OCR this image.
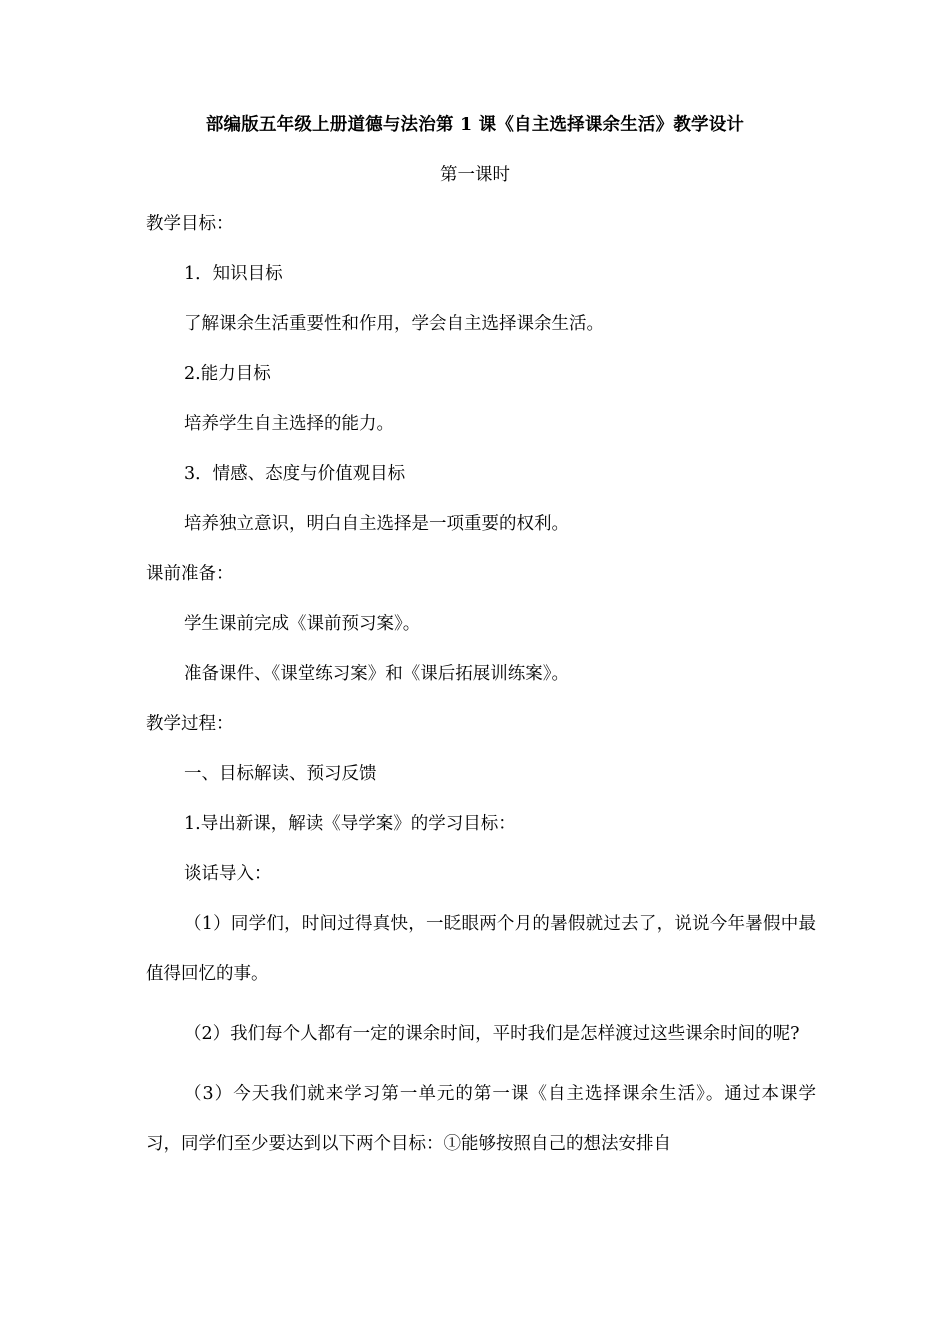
部编版五年级上册道德与法治第 1 课《自主选择课余生活》教学设计
第一课时

教学目标：

1．知识目标

了解课余生活重要性和作用，学会自主选择课余生活。

2.能力目标

培养学生自主选择的能力。

3．情感、态度与价值观目标

培养独立意识，明白自主选择是一项重要的权利。

课前准备：

学生课前完成《课前预习案》。

准备课件、《课堂练习案》和《课后拓展训练案》。

教学过程：

一、目标解读、预习反馈

1.导出新课，解读《导学案》的学习目标：

谈话导入：

（1）同学们，时间过得真快，一眨眼两个月的暑假就过去了，说说今年暑假中最值得回忆的事。

（2）我们每个人都有一定的课余时间，平时我们是怎样渡过这些课余时间的呢?

（3）今天我们就来学习第一单元的第一课《自主选择课余生活》。通过本课学习，同学们至少要达到以下两个目标：①能够按照自己的想法安排自
